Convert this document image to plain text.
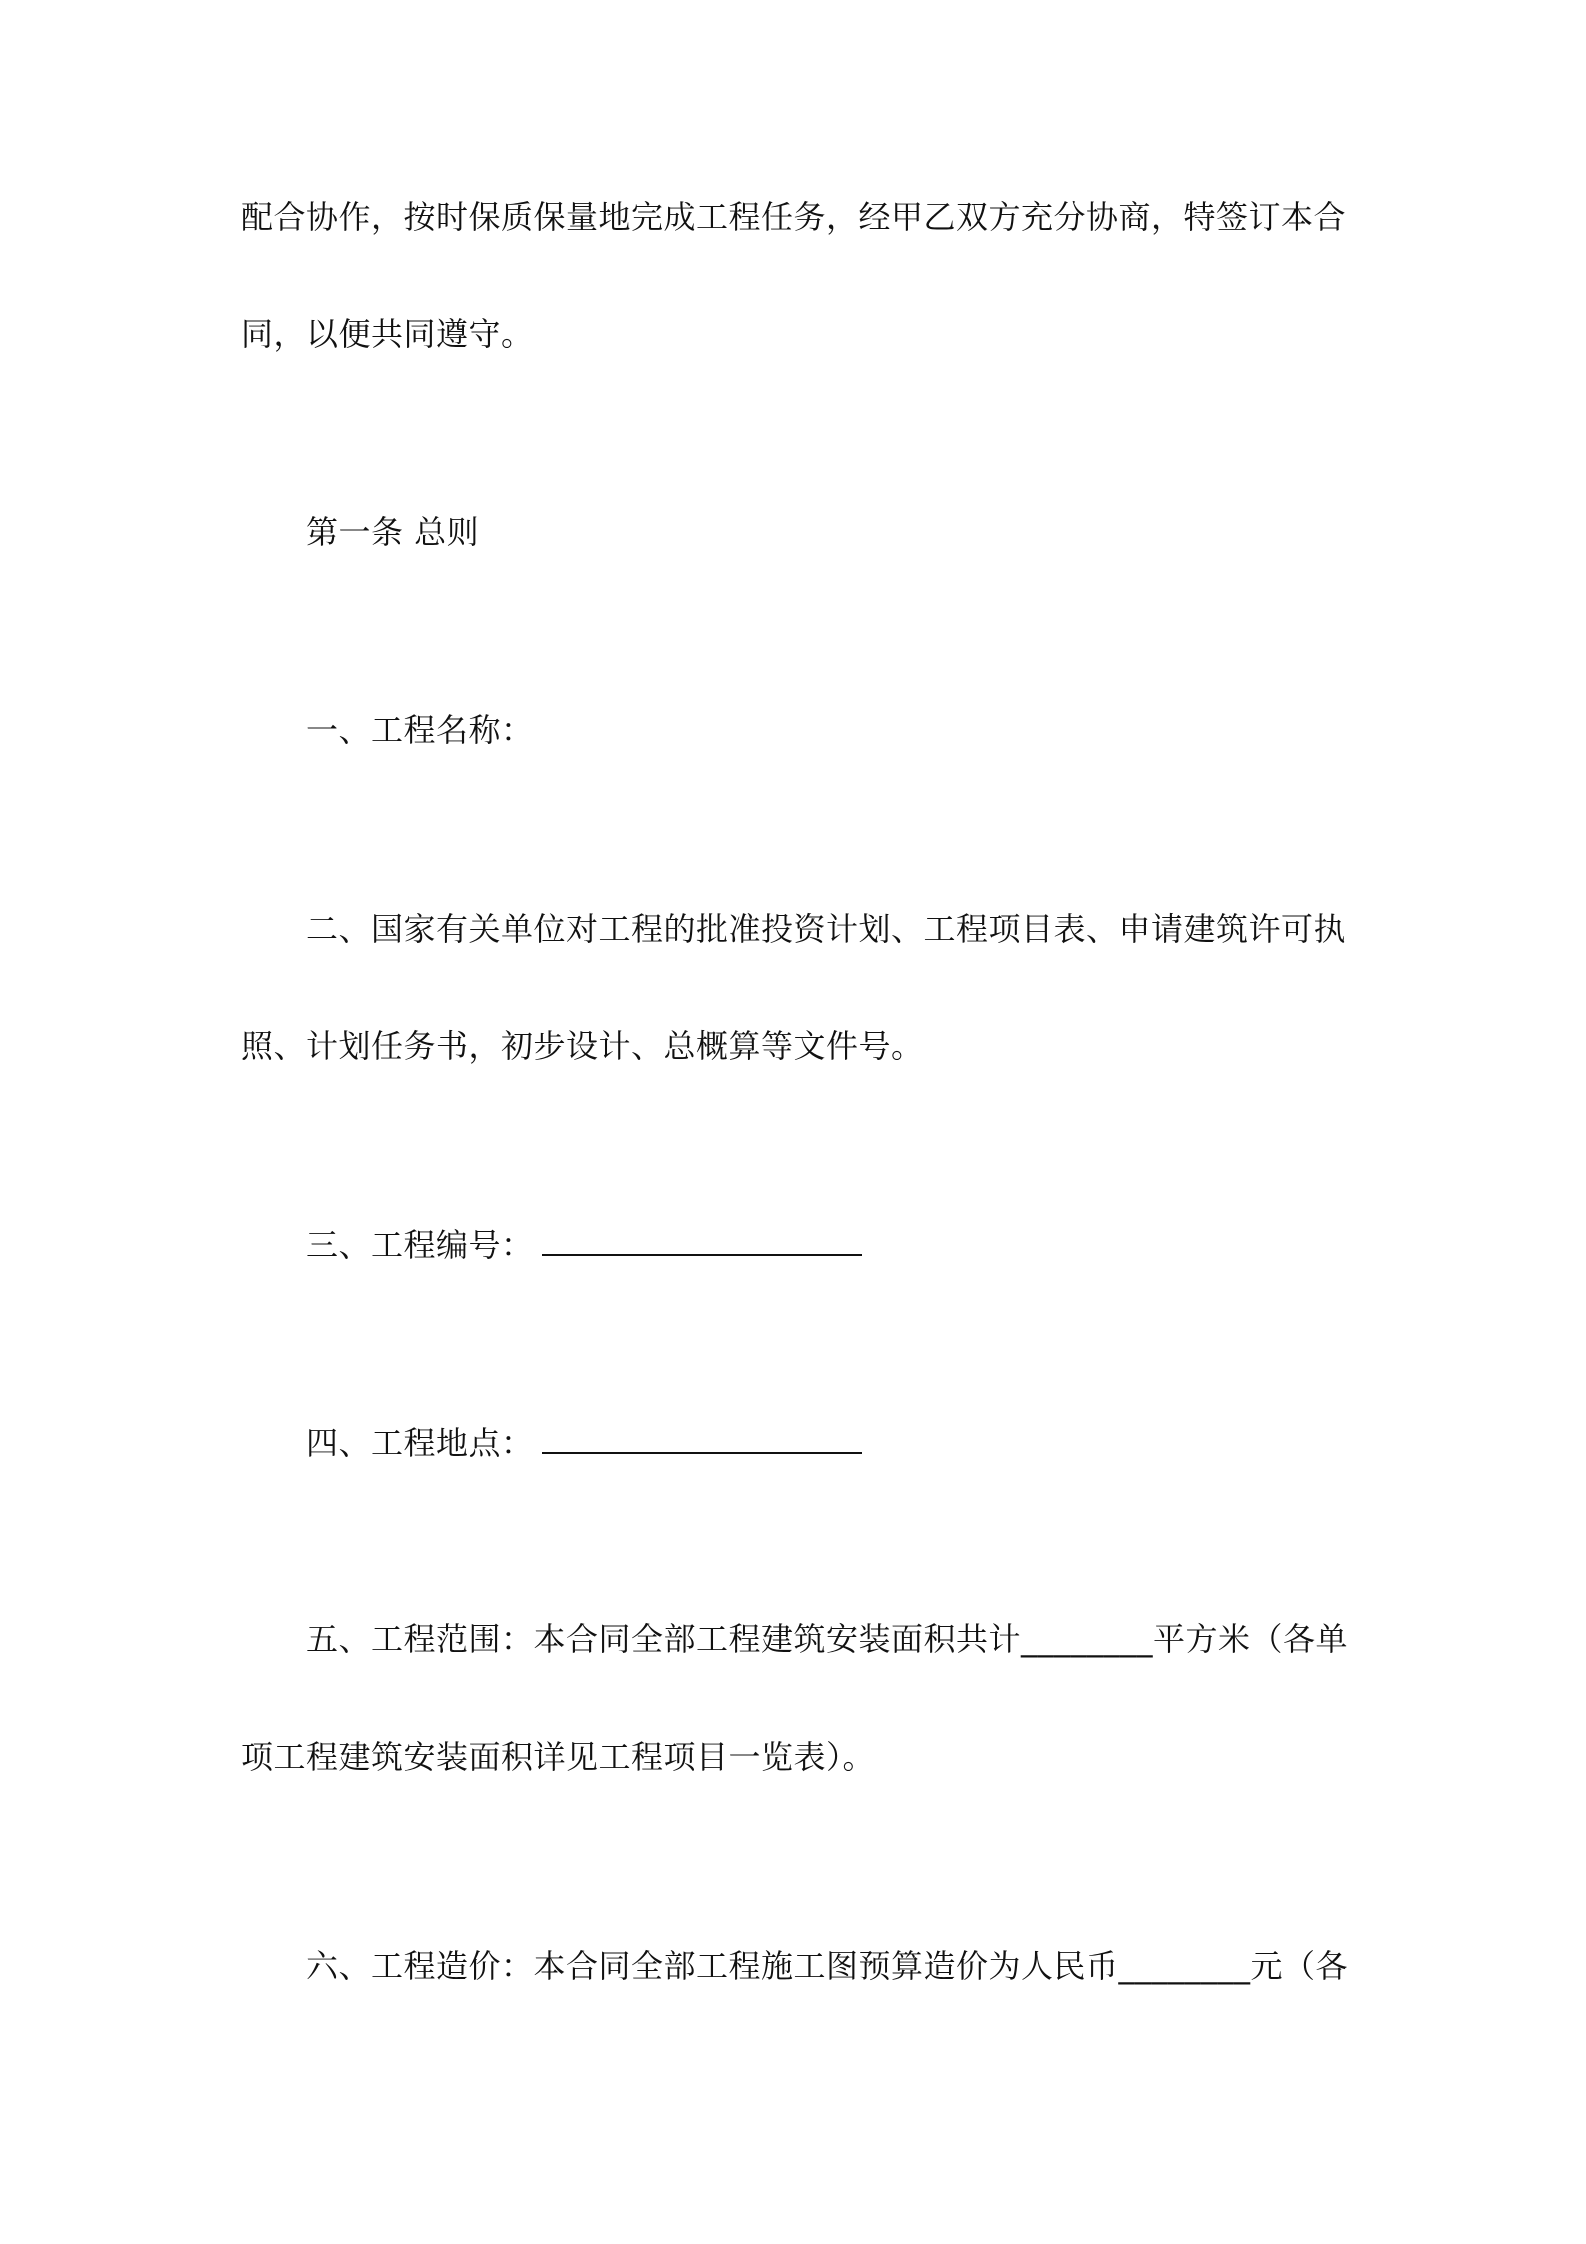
配合协作，按时保质保量地完成工程任务，经甲乙双方充分协商，特签订本合
同，以便共同遵守。
第一条 总则
一、工程名称：
二、国家有关单位对工程的批准投资计划、工程项目表、申请建筑许可执
照、计划任务书，初步设计、总概算等文件号。
三、工程编号：
四、工程地点：
五、工程范围：本合同全部工程建筑安装面积共计________平方米（各单
项工程建筑安装面积详见工程项目一览表）。
六、工程造价：本合同全部工程施工图预算造价为人民币________元（各
